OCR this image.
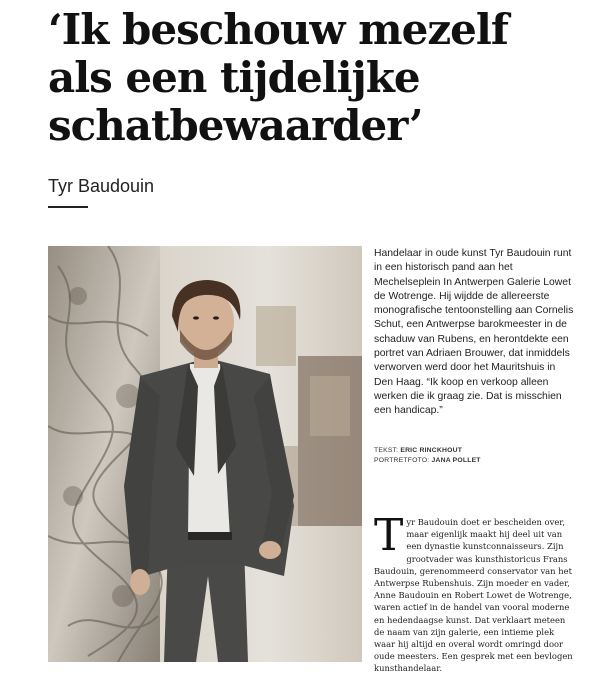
‘Ik beschouw mezelf
als een tijdelijke
schatbewaarder’
Tyr Baudouin

Handelaar in oude kunst Tyr Baudouin runt in een historisch pand aan het Mechelseplein In Antwerpen Galerie Lowet de Wotrenge. Hij wijdde de allereerste monografische tentoonstelling aan Cornelis Schut, een Antwerpse barokmeester in de schaduw van Rubens, en herontdekte een portret van Adriaen Brouwer, dat inmiddels verworven werd door het Mauritshuis in Den Haag. “Ik koop en verkoop alleen werken die ik graag zie. Dat is misschien een handicap.”

TEKST: ERIC RINCKHOUT
PORTRETFOTO: JANA POLLET

Tyr Baudouin doet er bescheiden over, maar eigenlijk maakt hij deel uit van een dynastie kunstconnaisseurs. Zijn grootvader was kunsthistoricus Frans Baudouin, gerenommeerd conservator van het Antwerpse Rubenshuis. Zijn moeder en vader, Anne Baudouin en Robert Lowet de Wotrenge, waren actief in de handel van vooral moderne en hedendaagse kunst. Dat verklaart meteen de naam van zijn galerie, een intieme plek waar hij altijd en overal wordt omringd door oude meesters. Een gesprek met een bevlogen kunsthandelaar.
